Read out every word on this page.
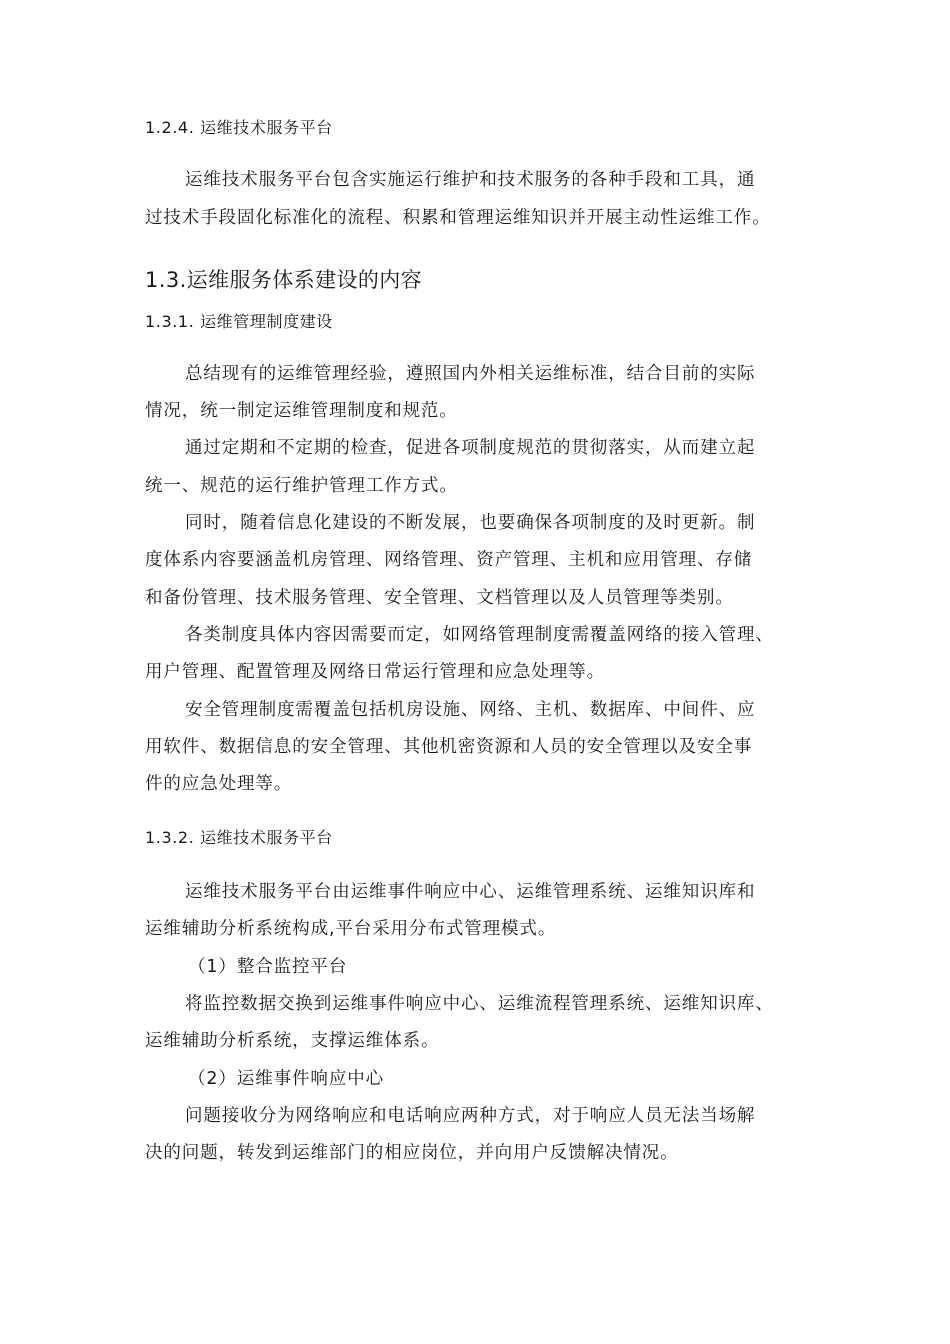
1.2.4. 运维技术服务平台
运维技术服务平台包含实施运行维护和技术服务的各种手段和工具，通
过技术手段固化标准化的流程、积累和管理运维知识并开展主动性运维工作。
1.3.运维服务体系建设的内容
1.3.1. 运维管理制度建设
总结现有的运维管理经验，遵照国内外相关运维标准，结合目前的实际
情况，统一制定运维管理制度和规范。
通过定期和不定期的检查，促进各项制度规范的贯彻落实，从而建立起
统一、规范的运行维护管理工作方式。
同时，随着信息化建设的不断发展，也要确保各项制度的及时更新。制
度体系内容要涵盖机房管理、网络管理、资产管理、主机和应用管理、存储
和备份管理、技术服务管理、安全管理、文档管理以及人员管理等类别。
各类制度具体内容因需要而定，如网络管理制度需覆盖网络的接入管理、
用户管理、配置管理及网络日常运行管理和应急处理等。
安全管理制度需覆盖包括机房设施、网络、主机、数据库、中间件、应
用软件、数据信息的安全管理、其他机密资源和人员的安全管理以及安全事
件的应急处理等。
1.3.2. 运维技术服务平台
运维技术服务平台由运维事件响应中心、运维管理系统、运维知识库和
运维辅助分析系统构成,平台采用分布式管理模式。
（1）整合监控平台
将监控数据交换到运维事件响应中心、运维流程管理系统、运维知识库、
运维辅助分析系统，支撑运维体系。
（2）运维事件响应中心
问题接收分为网络响应和电话响应两种方式，对于响应人员无法当场解
决的问题，转发到运维部门的相应岗位，并向用户反馈解决情况。
